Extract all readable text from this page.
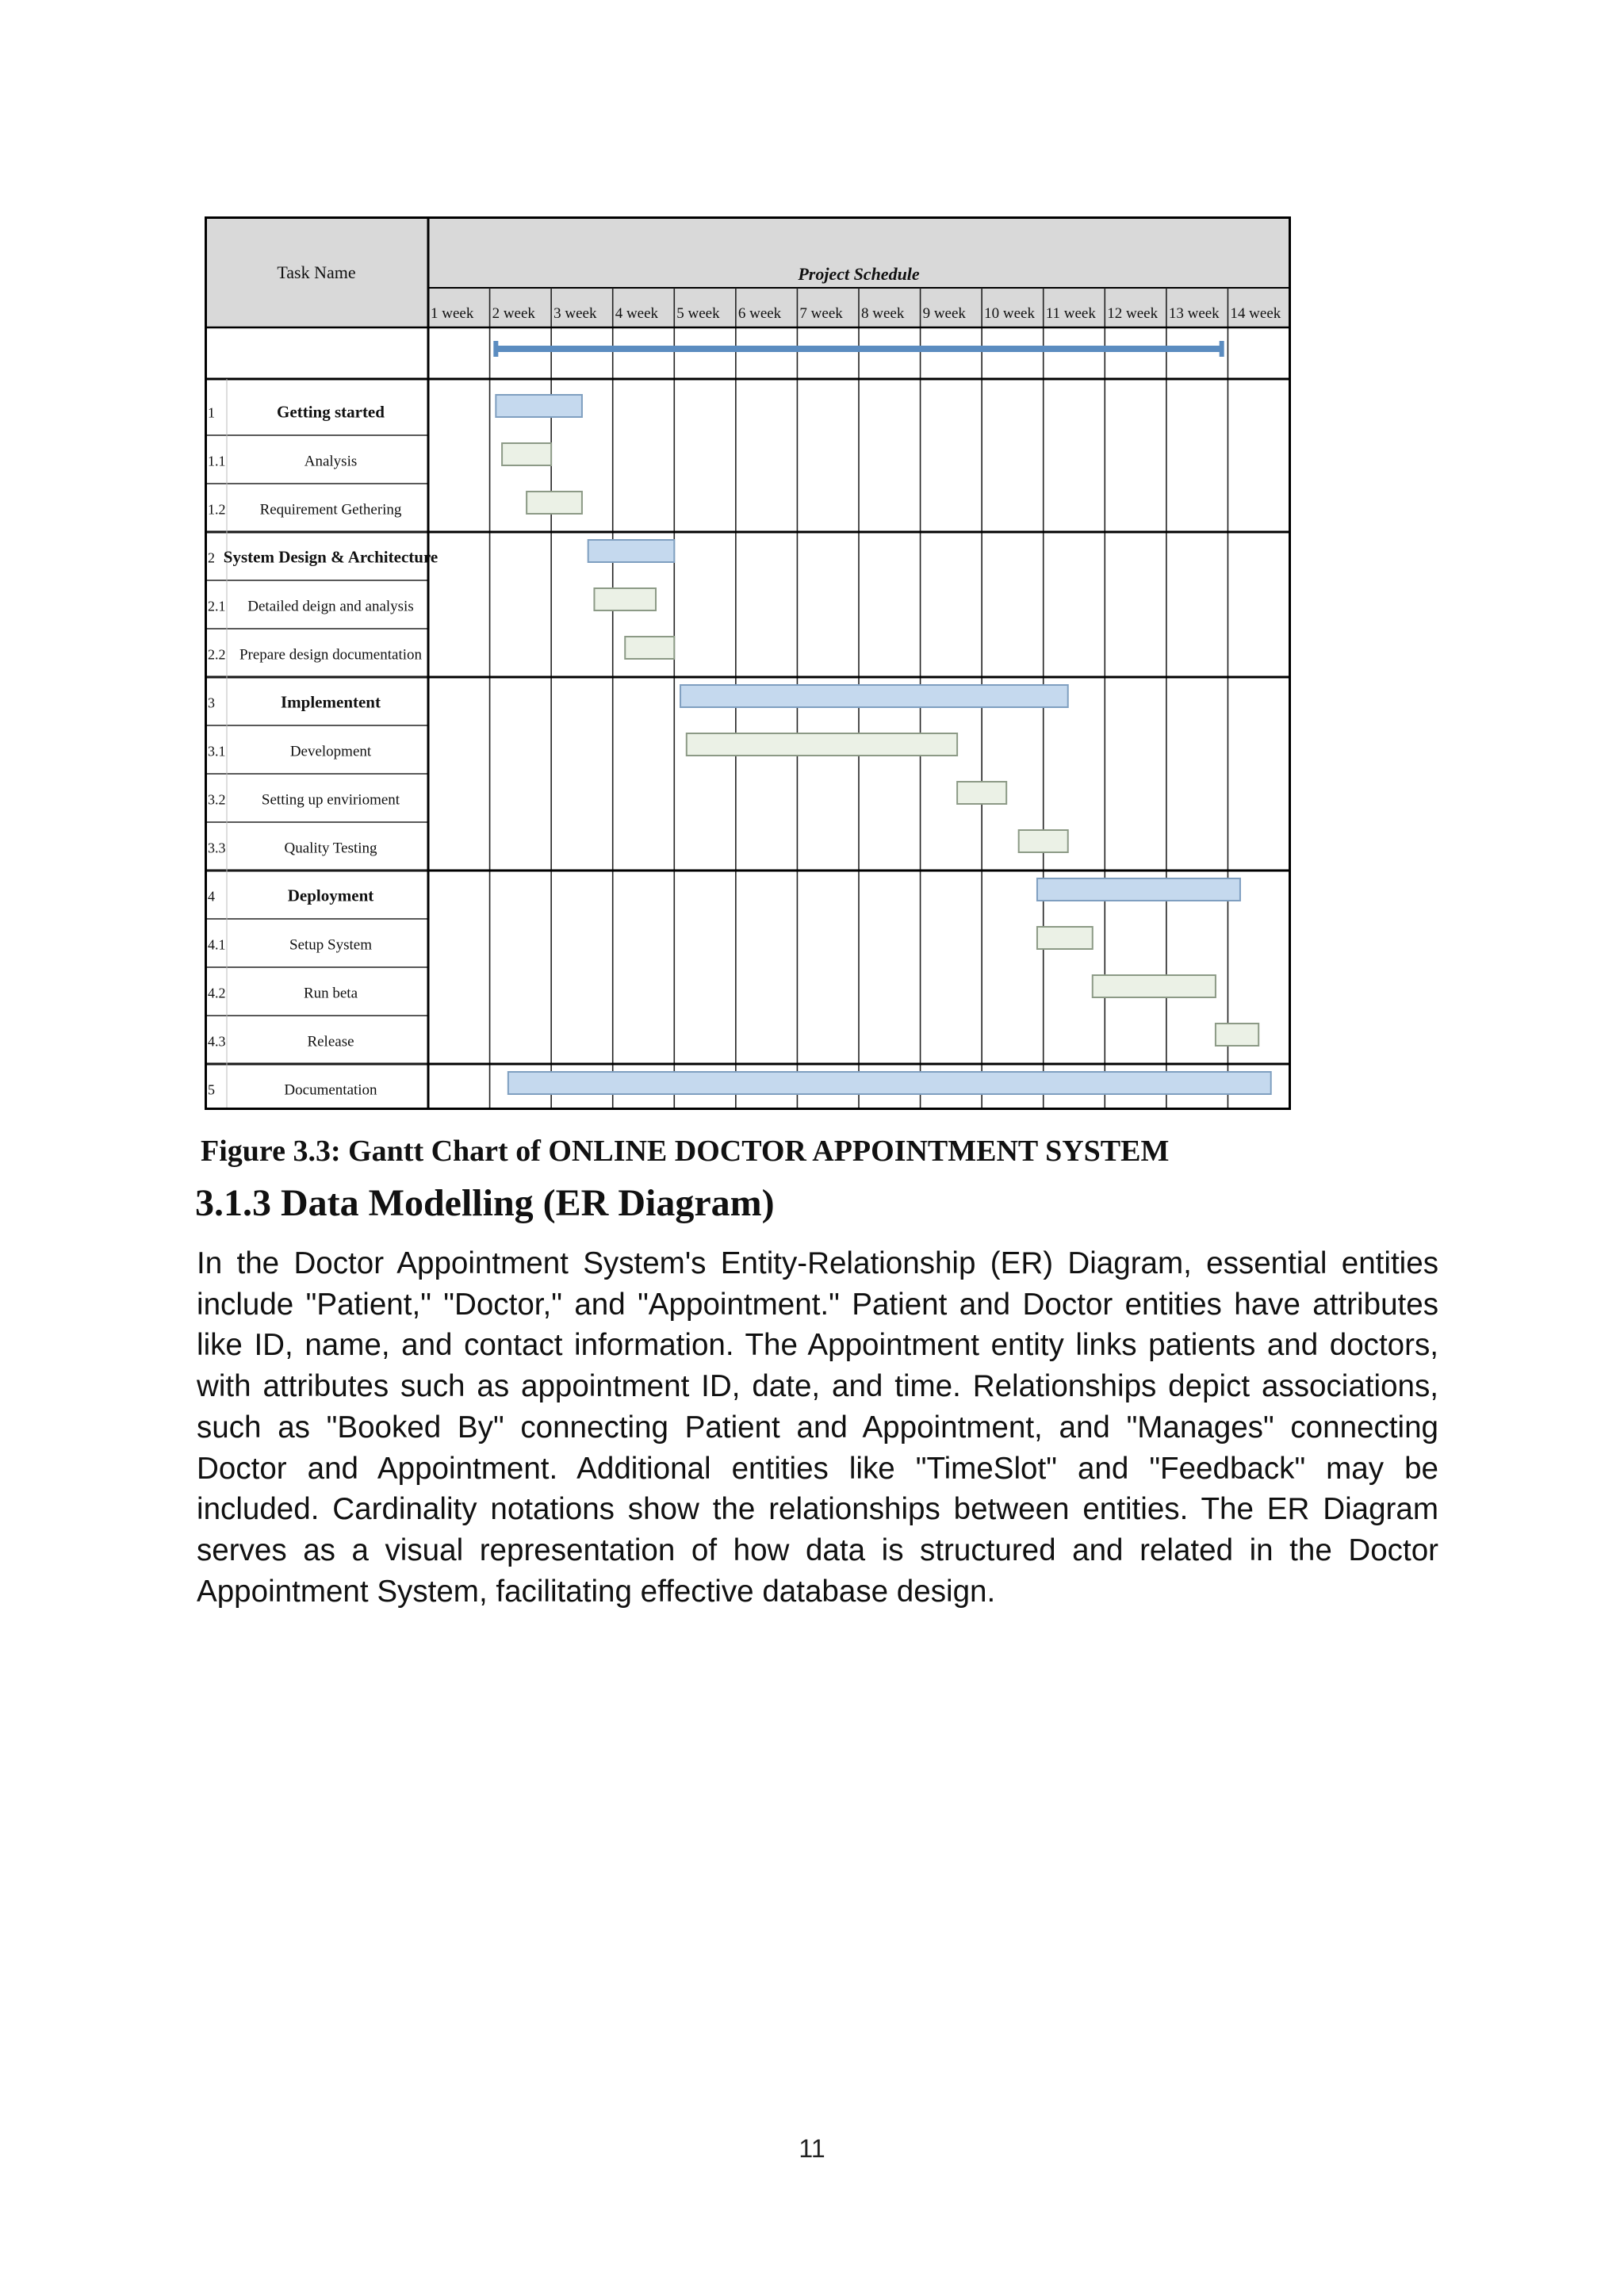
Task Name	Project Schedule
1 week 2 week 3 week 4 week 5 week 6 week 7 week 8 week 9 week 10 week 11 week 12 week 13 week 14 week
1	Getting started
1.1	Analysis
1.2 Requirement Gethering
2 System Design & Architecture
2.1 Detailed deign and analysis
2.2 Prepare design documentation
3	Implementent
3.1	Development
3.2 Setting up envirioment
3.3	Quality Testing
4	Deployment
4.1	Setup System
4.2	Run beta
4.3	Release
5	Documentation
Figure 3.3: Gantt Chart of ONLINE DOCTOR APPOINTMENT SYSTEM
3.1.3 Data Modelling (ER Diagram)

In the Doctor Appointment System's Entity-Relationship (ER) Diagram, essential entities include "Patient," "Doctor," and "Appointment." Patient and Doctor entities have attributes like ID, name, and contact information. The Appointment entity links patients and doctors, with attributes such as appointment ID, date, and time. Relationships depict associations, such as "Booked By" connecting Patient and Appointment, and "Manages" connecting Doctor and Appointment. Additional entities like "TimeSlot" and "Feedback" may be included. Cardinality notations show the relationships between entities. The ER Diagram serves as a visual representation of how data is structured and related in the Doctor Appointment System, facilitating effective database design.

11
